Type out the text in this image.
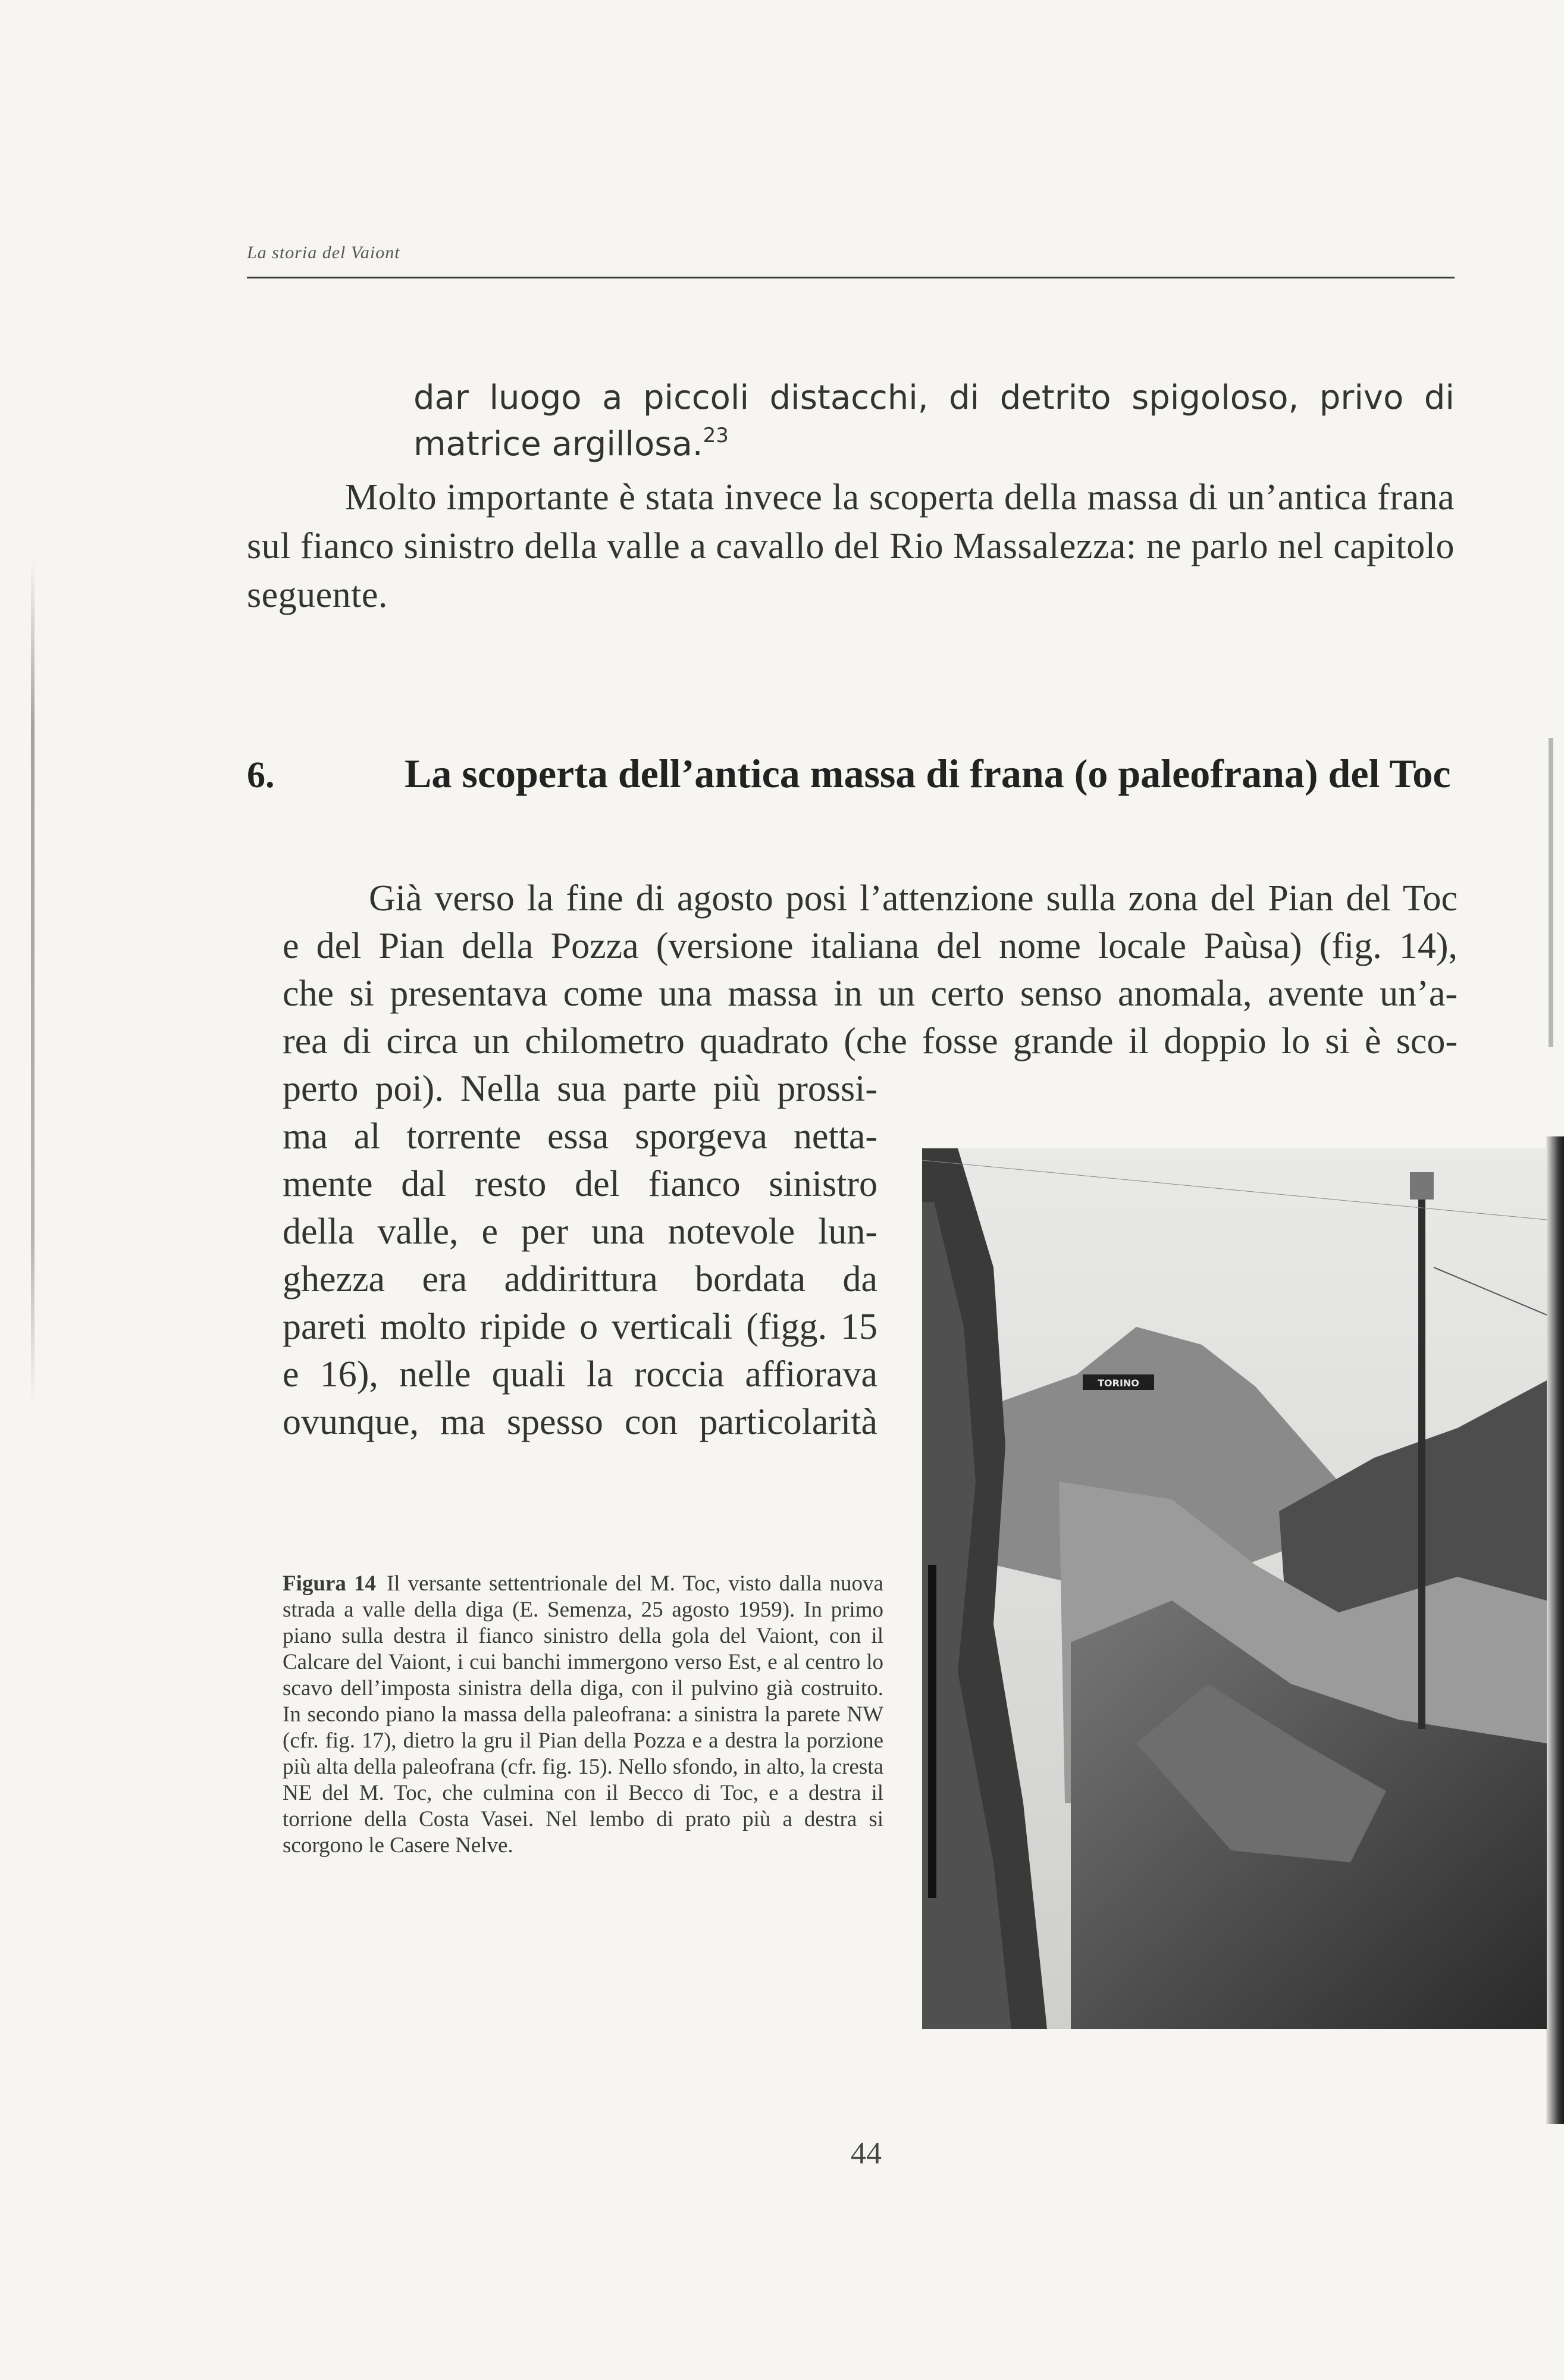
La storia del Vaiont
dar luogo a piccoli distacchi, di detrito spigoloso, privo di matrice argillosa.$^{23}$
Molto importante è stata invece la scoperta della massa di un’antica frana sul fianco sinistro della valle a cavallo del Rio Massalezza: ne parlo nel capitolo seguente.
6.	La scoperta dell’antica massa di frana (o paleofrana) del Toc

Già verso la fine di agosto posi l’attenzione sulla zona del Pian del Toc
e del Pian della Pozza (versione italiana del nome locale Paùsa) (fig. 14),
che si presentava come una massa in un certo senso anomala, avente un’a-
rea di circa un chilometro quadrato (che fosse grande il doppio lo si è sco-
perto poi). Nella sua parte più prossi-
ma al torrente essa sporgeva netta-
mente dal resto del fianco sinistro
della valle, e per una notevole lun-
ghezza era addirittura bordata da
pareti molto ripide o verticali (figg. 15
e 16), nelle quali la roccia affiorava
ovunque, ma spesso con particolarità

TORINO
Figura 14 Il versante settentrionale del M. Toc, visto dalla nuova strada a valle della diga (E. Semenza, 25 agosto 1959). In primo piano sulla destra il fianco sinistro della gola del Vaiont, con il Calcare del Vaiont, i cui banchi immergono verso Est, e al centro lo scavo dell’imposta sinistra della diga, con il pulvino già costruito. In secondo piano la massa della paleofrana: a sinistra la parete NW (cfr. fig. 17), dietro la gru il Pian della Pozza e a destra la porzione più alta della paleofrana (cfr. fig. 15). Nello sfondo, in alto, la cresta NE del M. Toc, che culmina con il Becco di Toc, e a destra il torrione della Costa Vasei. Nel lembo di prato più a destra si scorgono le Casere Nelve.
44
